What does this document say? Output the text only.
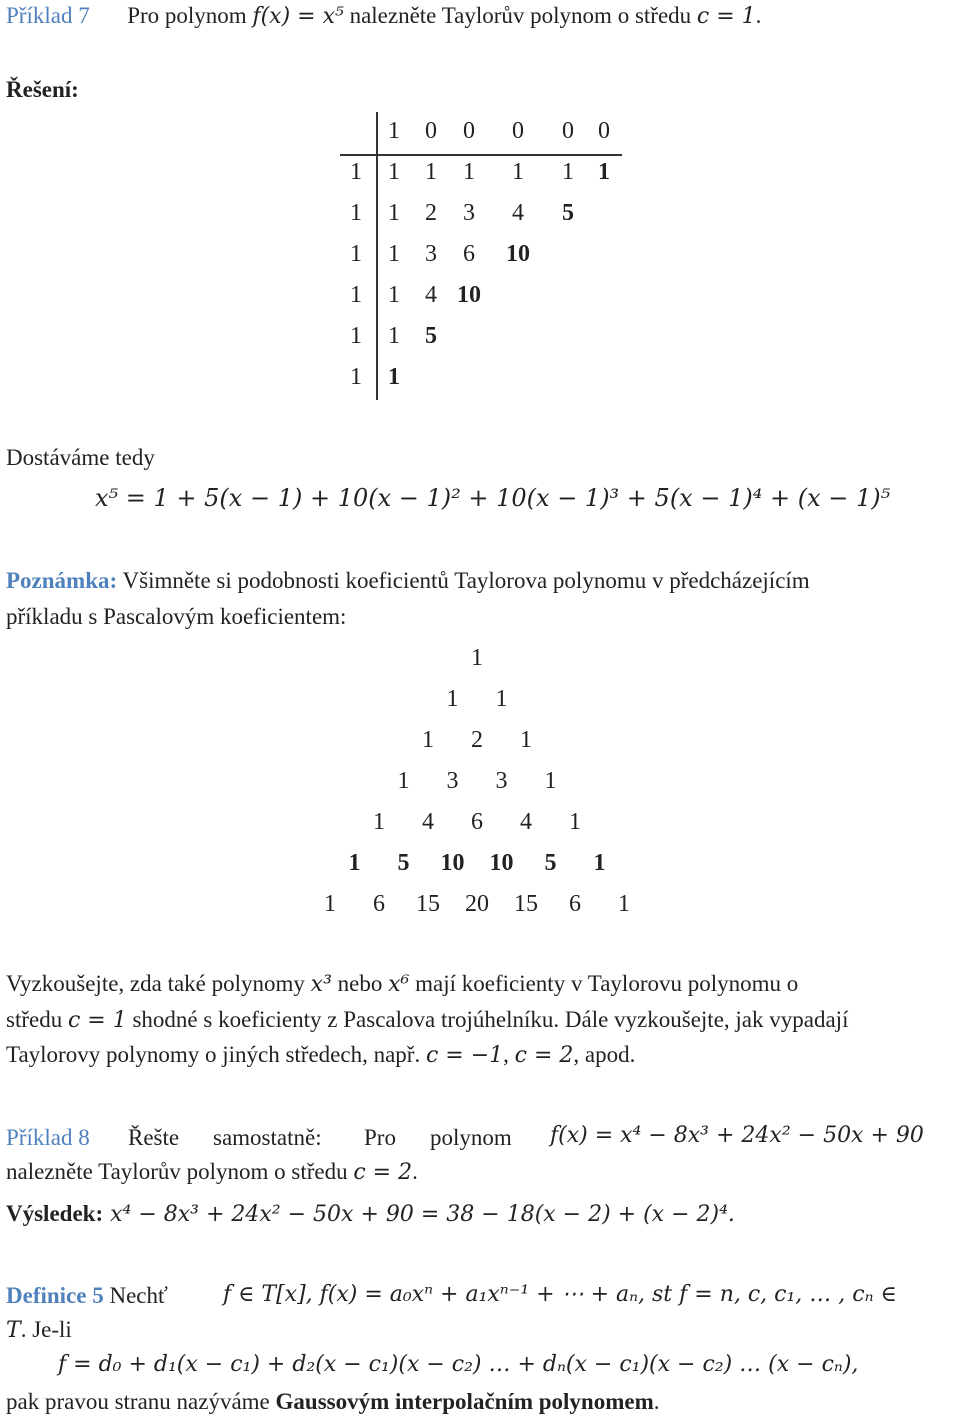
Příklad 7 Pro polynom f(x) = x⁵ nalezněte Taylorův polynom o středu c = 1.
Řešení:
1 0 0 0 0 0
1 1 1 1 1 1 1
1 1 2 3 4 5
1 1 3 6 10
1 1 4 10
1 1 5
1 1
Dostáváme tedy
x⁵ = 1 + 5(x − 1) + 10(x − 1)² + 10(x − 1)³ + 5(x − 1)⁴ + (x − 1)⁵
Poznámka: Všimněte si podobnosti koeficientů Taylorova polynomu v předcházejícím
příkladu s Pascalovým koeficientem:
1
1 1
1 2 1
1 3 3 1
1 4 6 4 1
1 5 10 10 5 1
1 6 15 20 15 6 1
Vyzkoušejte, zda také polynomy x³ nebo x⁶ mají koeficienty v Taylorovu polynomu o
středu c = 1 shodné s koeficienty z Pascalova trojúhelníku. Dále vyzkoušejte, jak vypadají
Taylorovy polynomy o jiných středech, např. c = −1, c = 2, apod.
Příklad 8 Řešte samostatně: Pro polynom f(x) = x⁴ − 8x³ + 24x² − 50x + 90
nalezněte Taylorův polynom o středu c = 2.
Výsledek: x⁴ − 8x³ + 24x² − 50x + 90 = 38 − 18(x − 2) + (x − 2)⁴.
Definice 5 Nechť	f ∈ T[x], f(x) = a₀xⁿ + a₁xⁿ⁻¹ + ⋯ + aₙ, st f = n, c, c₁, … , cₙ ∈
T. Je-li
f = d₀ + d₁(x − c₁) + d₂(x − c₁)(x − c₂) … + dₙ(x − c₁)(x − c₂) … (x − cₙ),
pak pravou stranu nazýváme Gaussovým interpolačním polynomem.
